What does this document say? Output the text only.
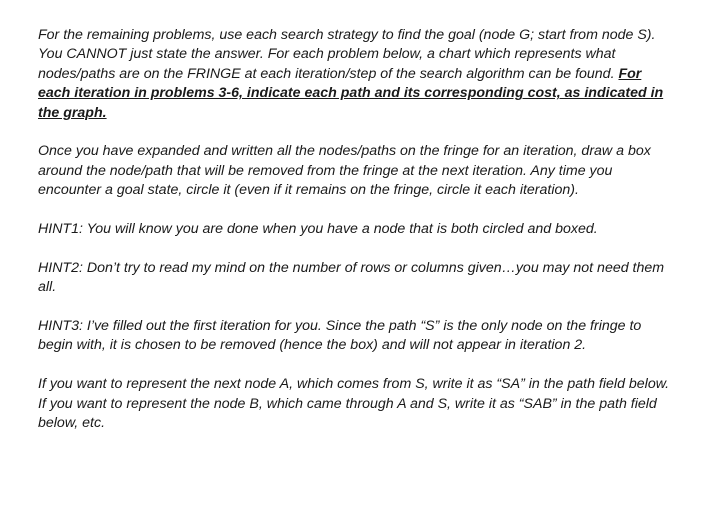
For the remaining problems, use each search strategy to find the goal (node G; start from node S). You CANNOT just state the answer. For each problem below, a chart which represents what nodes/paths are on the FRINGE at each iteration/step of the search algorithm can be found. For each iteration in problems 3-6, indicate each path and its corresponding cost, as indicated in the graph.

Once you have expanded and written all the nodes/paths on the fringe for an iteration, draw a box around the node/path that will be removed from the fringe at the next iteration. Any time you encounter a goal state, circle it (even if it remains on the fringe, circle it each iteration).

HINT1: You will know you are done when you have a node that is both circled and boxed.

HINT2: Don’t try to read my mind on the number of rows or columns given…you may not need them all.

HINT3: I’ve filled out the first iteration for you. Since the path “S” is the only node on the fringe to begin with, it is chosen to be removed (hence the box) and will not appear in iteration 2.

If you want to represent the next node A, which comes from S, write it as “SA” in the path field below. If you want to represent the node B, which came through A and S, write it as “SAB” in the path field below, etc.
